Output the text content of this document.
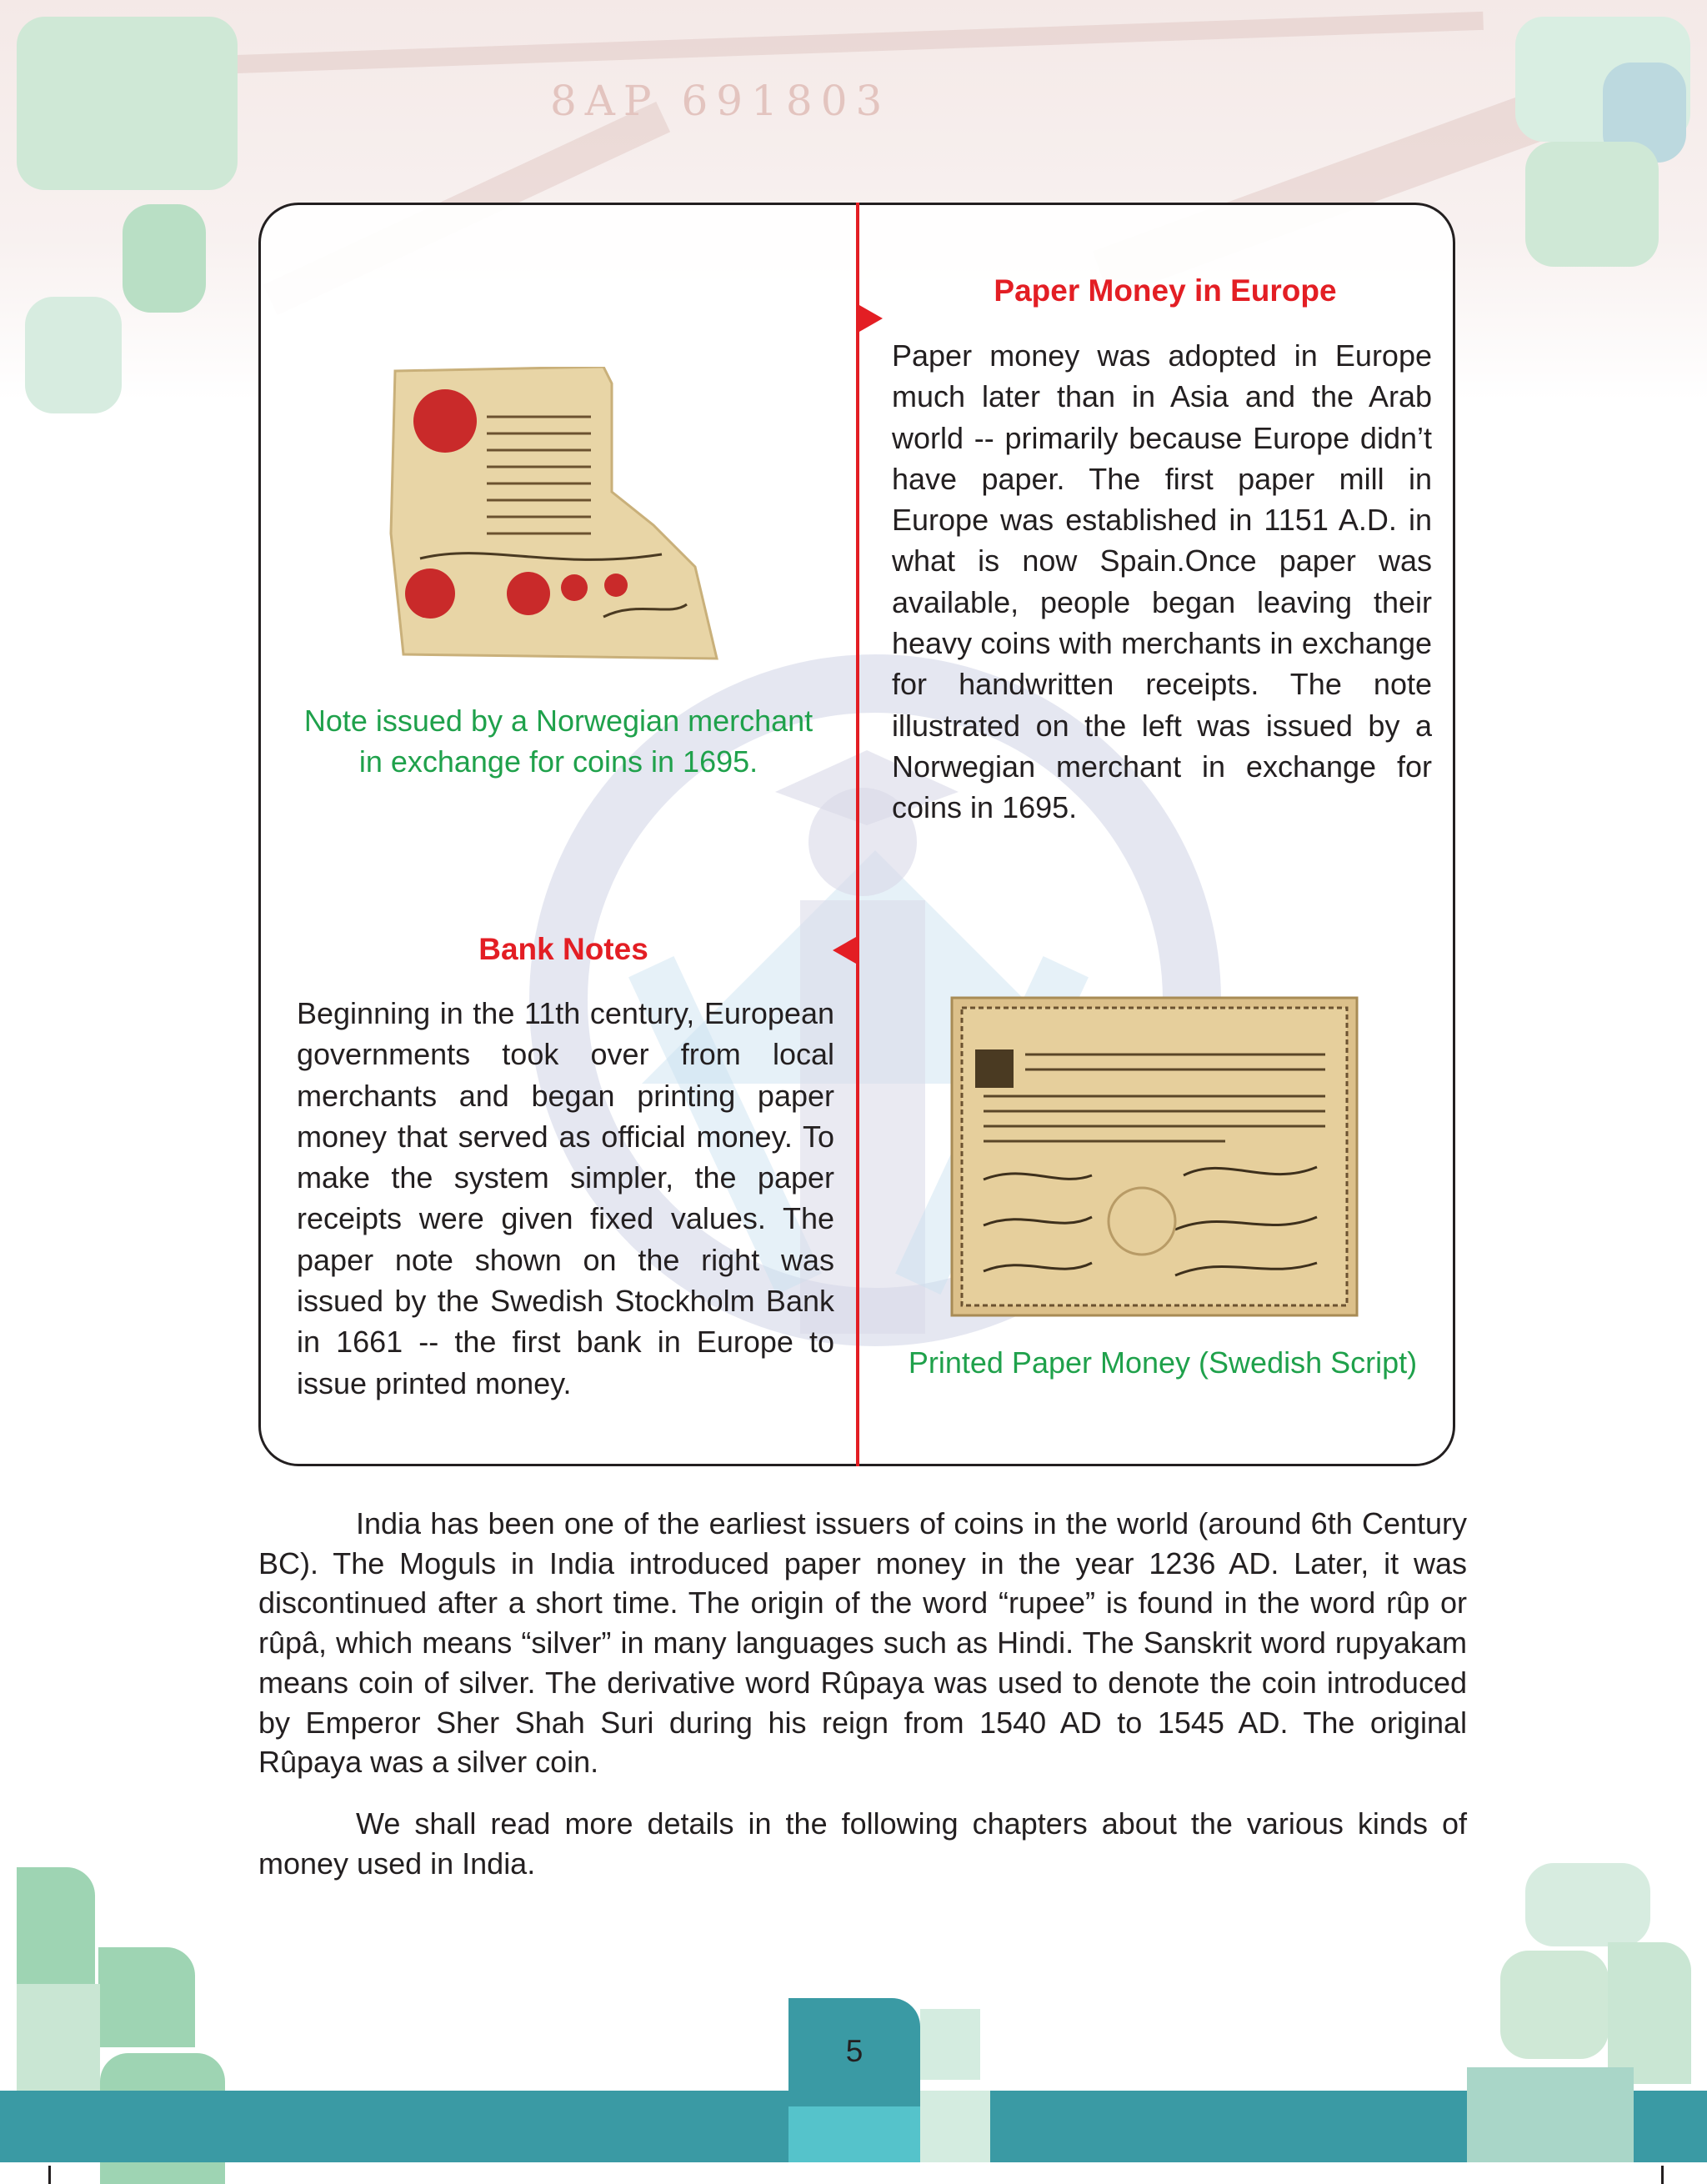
8AP 691803
5
Paper Money in Europe
Paper money was adopted in Europe much later than in Asia and the Arab world -- primarily because Europe didn’t have paper. The first paper mill in Europe was established in 1151 A.D. in what is now Spain.Once paper was available, people began leaving their heavy coins with merchants in exchange for handwritten receipts. The note illustrated on the left was issued by a Norwegian merchant in exchange for coins in 1695.
Note issued by a Norwegian merchant
in exchange for coins in 1695.
Bank Notes
Beginning in the 11th century, European governments took over from local merchants and began printing paper money that served as official money. To make the system simpler, the paper receipts were given fixed values. The paper note shown on the right was issued by the Swedish Stockholm Bank in 1661 -- the first bank in Europe to issue printed money.
Printed Paper Money (Swedish Script)
India has been one of the earliest issuers of coins in the world (around 6th Century BC). The Moguls in India introduced paper money in the year 1236 AD. Later, it was discontinued after a short time. The origin of the word “rupee” is found in the word rûp or rûpâ, which means “silver” in many languages such as Hindi. The Sanskrit word rupyakam means coin of silver. The derivative word Rûpaya was used to denote the coin introduced by Emperor Sher Shah Suri during his reign from 1540 AD to 1545 AD. The original Rûpaya was a silver coin.
We shall read more details in the following chapters about the various kinds of money used in India.
